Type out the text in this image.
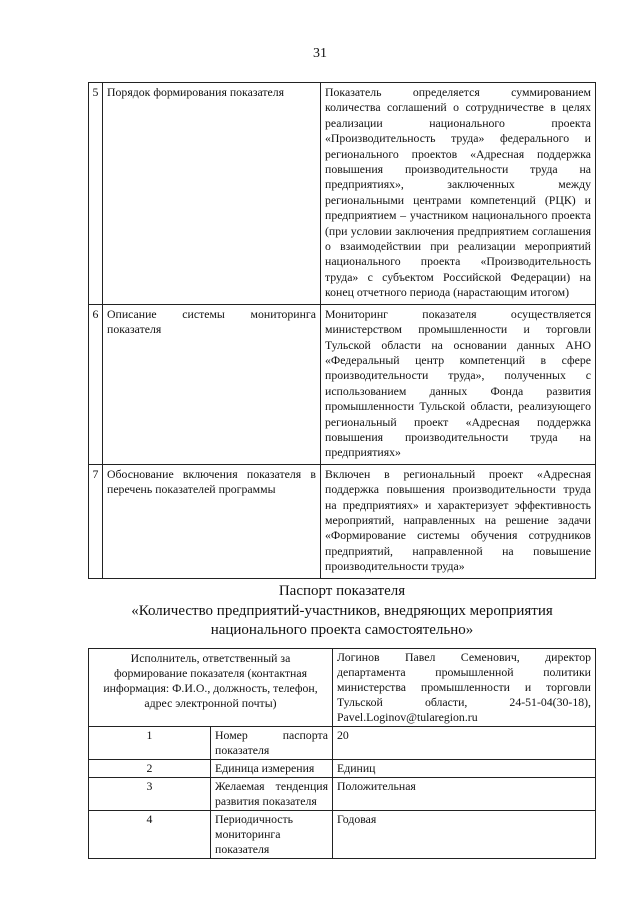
31
5	Порядок формирования показателя	Показатель определяется суммированием количества соглашений о сотрудничестве в целях реализации национального проекта «Производительность труда» федерального и регионального проектов «Адресная поддержка повышения производительности труда на предприятиях», заключенных между региональными центрами компетенций (РЦК) и предприятием – участником национального проекта (при условии заключения предприятием соглашения о взаимодействии при реализации мероприятий национального проекта «Производительность труда» с субъектом Российской Федерации) на конец отчетного периода (нарастающим итогом)
6	Описание системы мониторинга показателя	Мониторинг показателя осуществляется министерством промышленности и торговли Тульской области на основании данных АНО «Федеральный центр компетенций в сфере производительности труда», полученных с использованием данных Фонда развития промышленности Тульской области, реализующего региональный проект «Адресная поддержка повышения производительности труда на предприятиях»
7	Обоснование включения показателя в перечень показателей программы	Включен в региональный проект «Адресная поддержка повышения производительности труда на предприятиях» и характеризует эффективность мероприятий, направленных на решение задачи «Формирование системы обучения сотрудников предприятий, направленной на повышение производительности труда»
Паспорт показателя
«Количество предприятий-участников, внедряющих мероприятия
национального проекта самостоятельно»
Исполнитель, ответственный за формирование показателя (контактная информация: Ф.И.О., должность, телефон, адрес электронной почты)		Логинов Павел Семенович, директор департамента промышленной политики министерства промышленности и торговли Тульской области, 24-51-04(30-18), Pavel.Loginov@tularegion.ru
1	Номер паспорта показателя	20
2	Единица измерения	Единиц
3	Желаемая тенденция развития показателя	Положительная
4	Периодичность мониторинга показателя	Годовая
